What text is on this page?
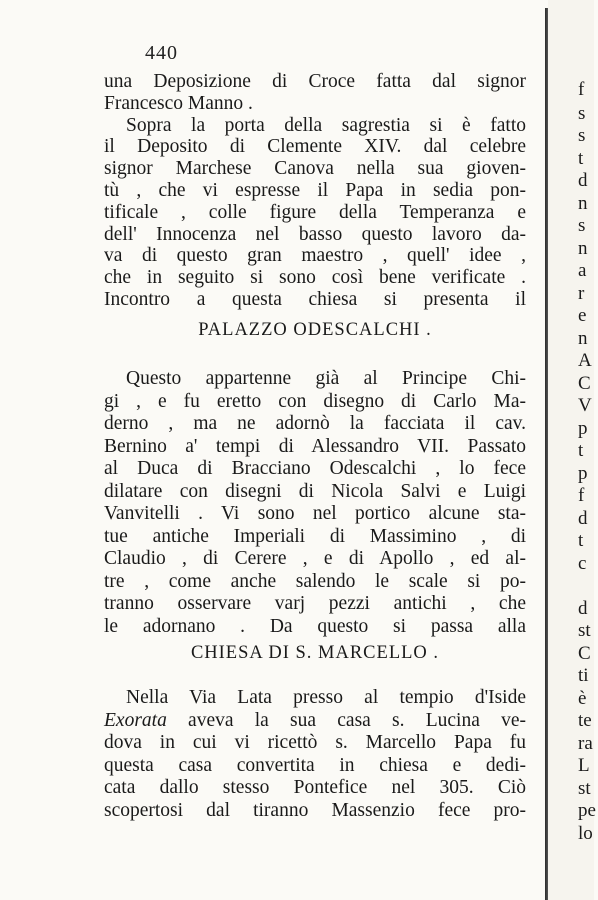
440
una Deposizione di Croce fatta dal signor
Francesco Manno .
Sopra la porta della sagrestia si è fatto
il Deposito di Clemente XIV. dal celebre
signor Marchese Canova nella sua gioven-
tù , che vi espresse il Papa in sedia pon-
tificale , colle figure della Temperanza e
dell' Innocenza nel basso questo lavoro da-
va di questo gran maestro , quell' idee ,
che in seguito si sono così bene verificate .
Incontro a questa chiesa si presenta il
PALAZZO ODESCALCHI .
Questo appartenne già al Principe Chi-
gi , e fu eretto con disegno di Carlo Ma-
derno , ma ne adornò la facciata il cav.
Bernino a' tempi di Alessandro VII. Passato
al Duca di Bracciano Odescalchi , lo fece
dilatare con disegni di Nicola Salvi e Luigi
Vanvitelli . Vi sono nel portico alcune sta-
tue antiche Imperiali di Massimino , di
Claudio , di Cerere , e di Apollo , ed al-
tre , come anche salendo le scale si po-
tranno osservare varj pezzi antichi , che
le adornano . Da questo si passa alla
CHIESA DI S. MARCELLO .
Nella Via Lata presso al tempio d'Iside
Exorata aveva la sua casa s. Lucina ve-
dova in cui vi ricettò s. Marcello Papa fu
questa casa convertita in chiesa e dedi-
cata dallo stesso Pontefice nel 305. Ciò
scopertosi dal tiranno Massenzio fece pro-
f
s
s
t
d
n
s
n
a
r
e
n
A
C
V
p
t
p
f
d
t
c
d
st
C
ti
è
te
ra
L
st
pe
lo
